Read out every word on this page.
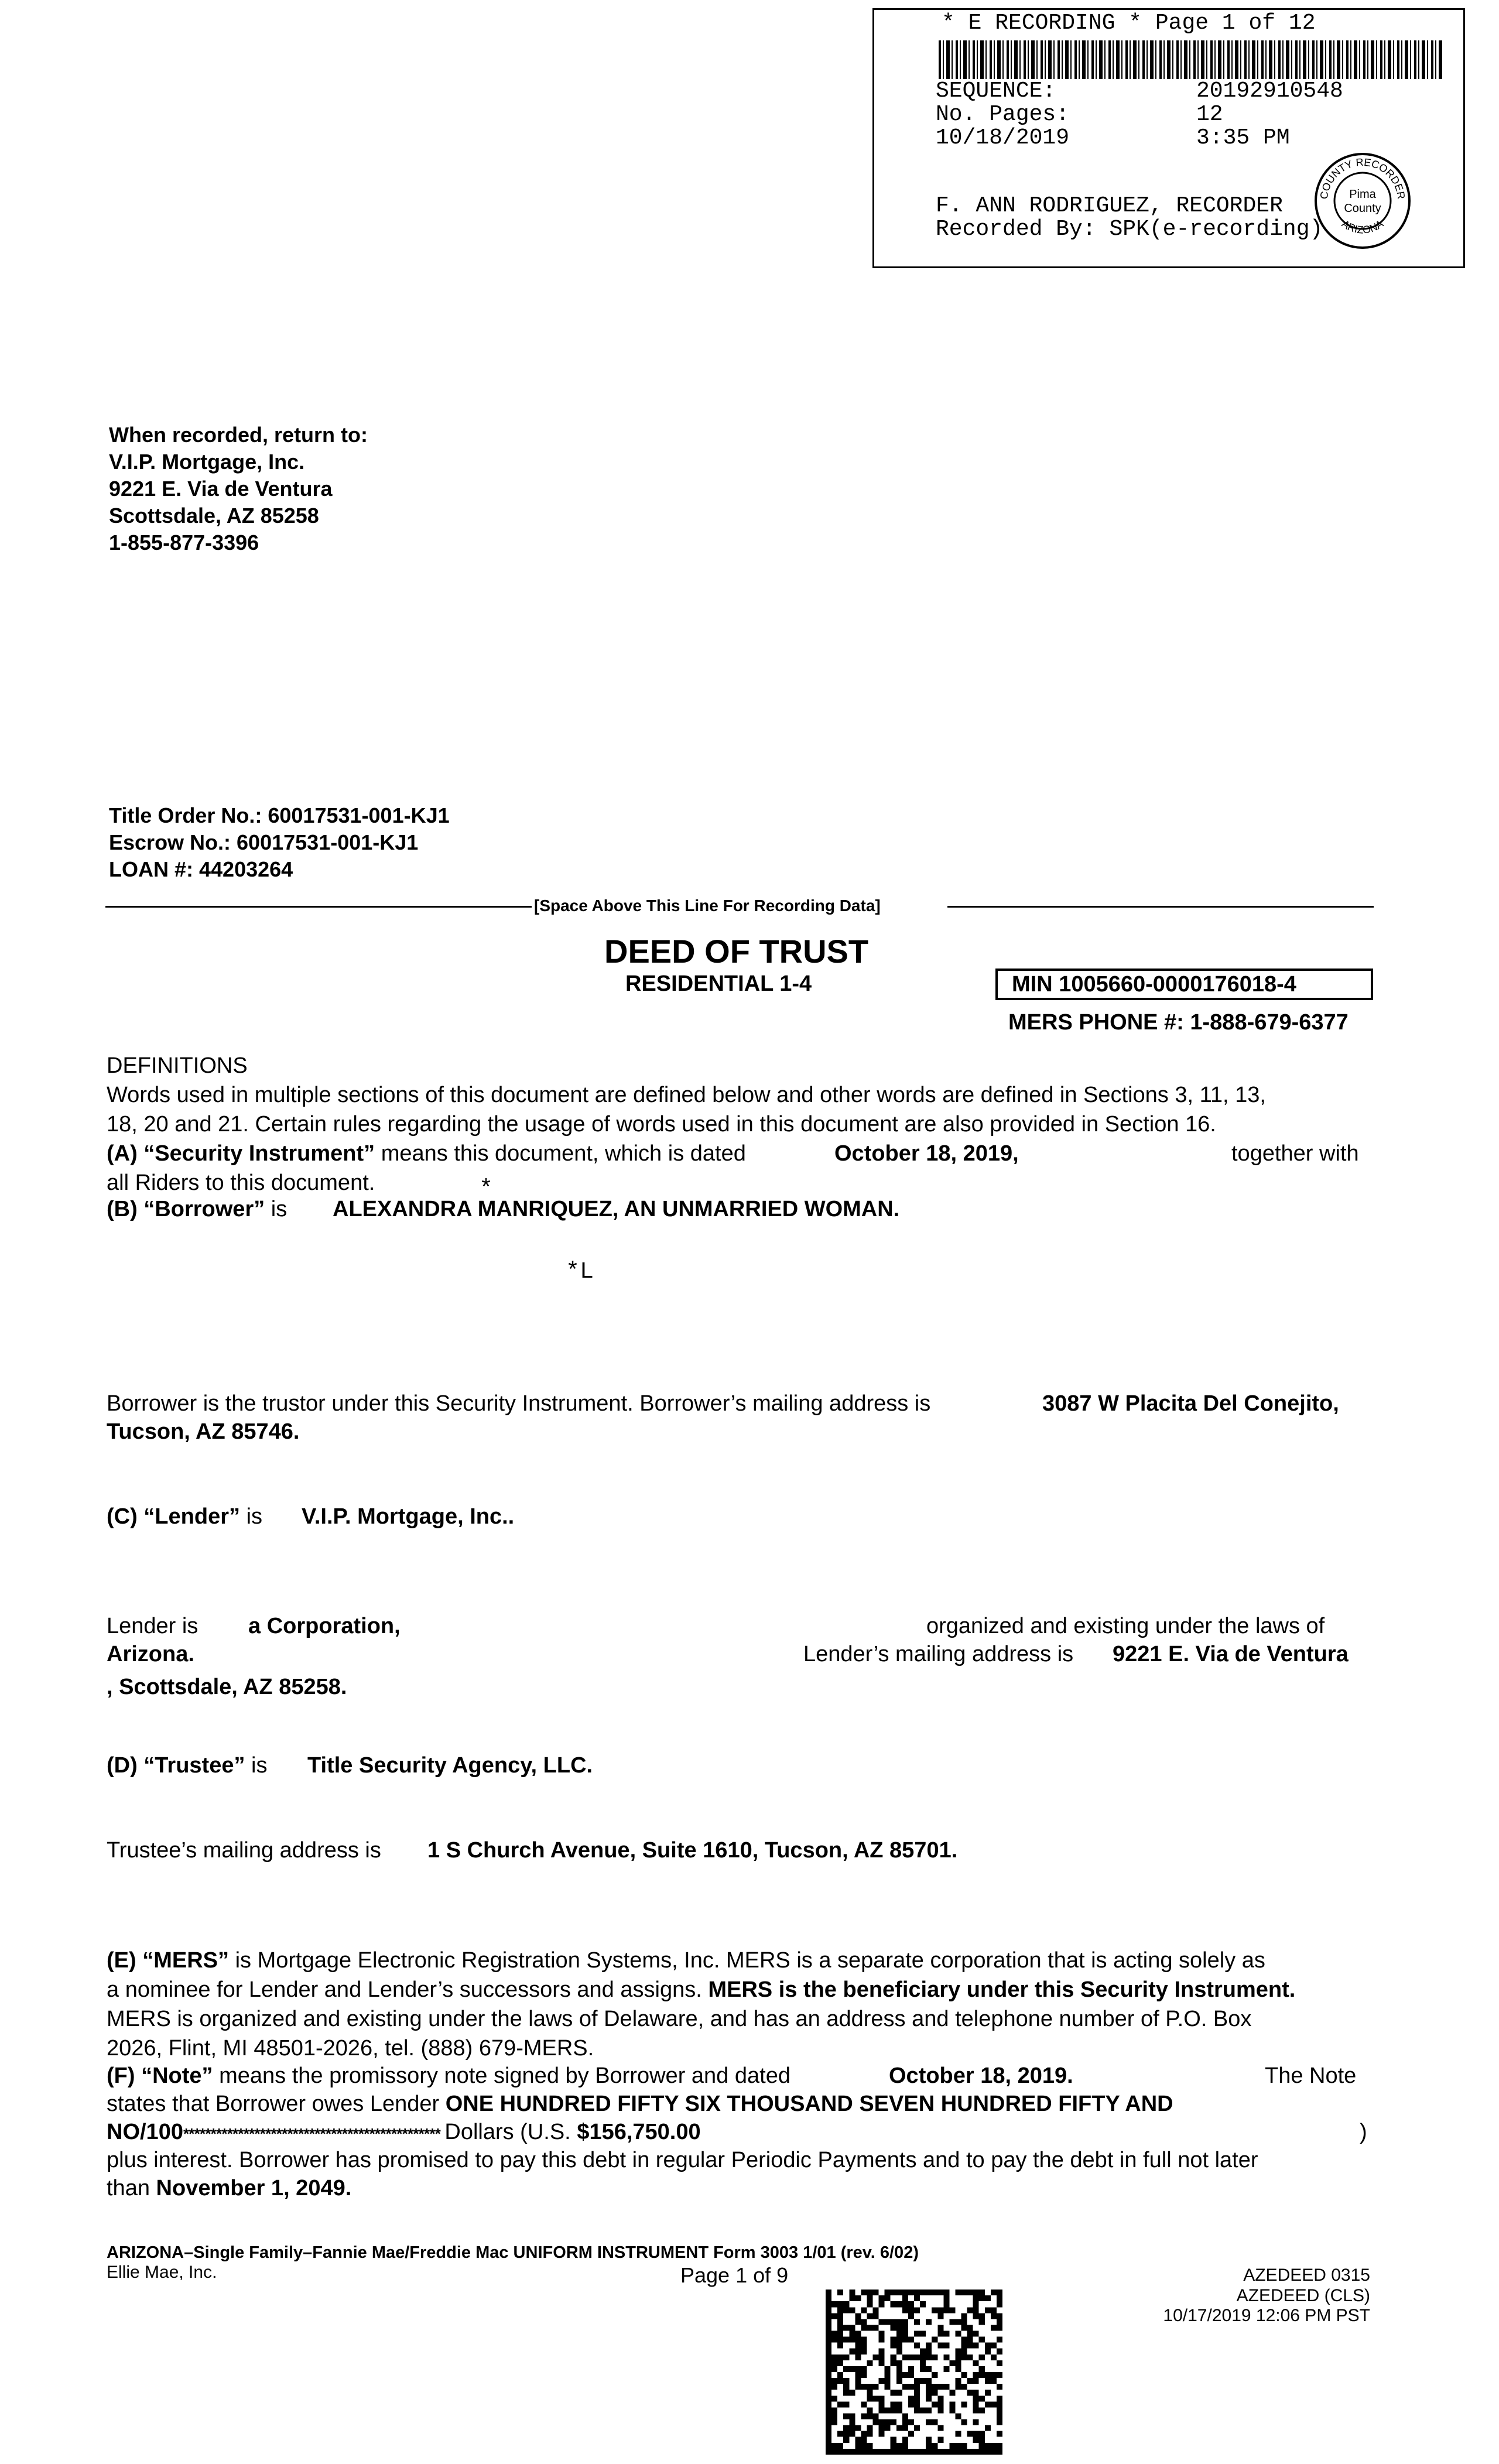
* E RECORDING * Page 1 of 12
SEQUENCE:	20192910548
No. Pages:	12
10/18/2019	3:35 PM
F. ANN RODRIGUEZ, RECORDER
Recorded By: SPK(e-recording)
COUNTY RECORDER
ARIZONA
Pima
County
When recorded, return to:
V.I.P. Mortgage, Inc.
9221 E. Via de Ventura
Scottsdale, AZ 85258
1-855-877-3396
Title Order No.: 60017531-001-KJ1
Escrow No.: 60017531-001-KJ1
LOAN #: 44203264
[Space Above This Line For Recording Data]
DEED OF TRUST
RESIDENTIAL 1-4	MIN 1005660-0000176018-4
MERS PHONE #: 1-888-679-6377
DEFINITIONS
Words used in multiple sections of this document are defined below and other words are defined in Sections 3, 11, 13,
18, 20 and 21. Certain rules regarding the usage of words used in this document are also provided in Section 16.
(A) “Security Instrument” means this document, which is dated	October 18, 2019,	together with
all Riders to this document.
(B) “Borrower” is ALEXANDRA MANRIQUEZ, AN UNMARRIED WOMAN.
*
*L
Borrower is the trustor under this Security Instrument. Borrower’s mailing address is	3087 W Placita Del Conejito,
Tucson, AZ 85746.
(C) “Lender” is V.I.P. Mortgage, Inc..
Lender is a Corporation,	organized and existing under the laws of
Arizona.	Lender’s mailing address is 9221 E. Via de Ventura
, Scottsdale, AZ 85258.
(D) “Trustee” is Title Security Agency, LLC.
Trustee’s mailing address is 1 S Church Avenue, Suite 1610, Tucson, AZ 85701.
(E) “MERS” is Mortgage Electronic Registration Systems, Inc. MERS is a separate corporation that is acting solely as
a nominee for Lender and Lender’s successors and assigns. MERS is the beneficiary under this Security Instrument.
MERS is organized and existing under the laws of Delaware, and has an address and telephone number of P.O. Box
2026, Flint, MI 48501-2026, tel. (888) 679-MERS.
(F) “Note” means the promissory note signed by Borrower and dated	October 18, 2019.	The Note
states that Borrower owes Lender ONE HUNDRED FIFTY SIX THOUSAND SEVEN HUNDRED FIFTY AND
NO/100* * * * * * * * * * * * * * * * * * * * * * * * * * * * * * * * * * * * * * * * * * * * * * * Dollars (U.S. $156,750.00	)
plus interest. Borrower has promised to pay this debt in regular Periodic Payments and to pay the debt in full not later
than November 1, 2049.
ARIZONA–Single Family–Fannie Mae/Freddie Mac UNIFORM INSTRUMENT Form 3003 1/01 (rev. 6/02)
Ellie Mae, Inc.	Page 1 of 9	AZEDEED 0315
AZEDEED (CLS)
10/17/2019 12:06 PM PST
